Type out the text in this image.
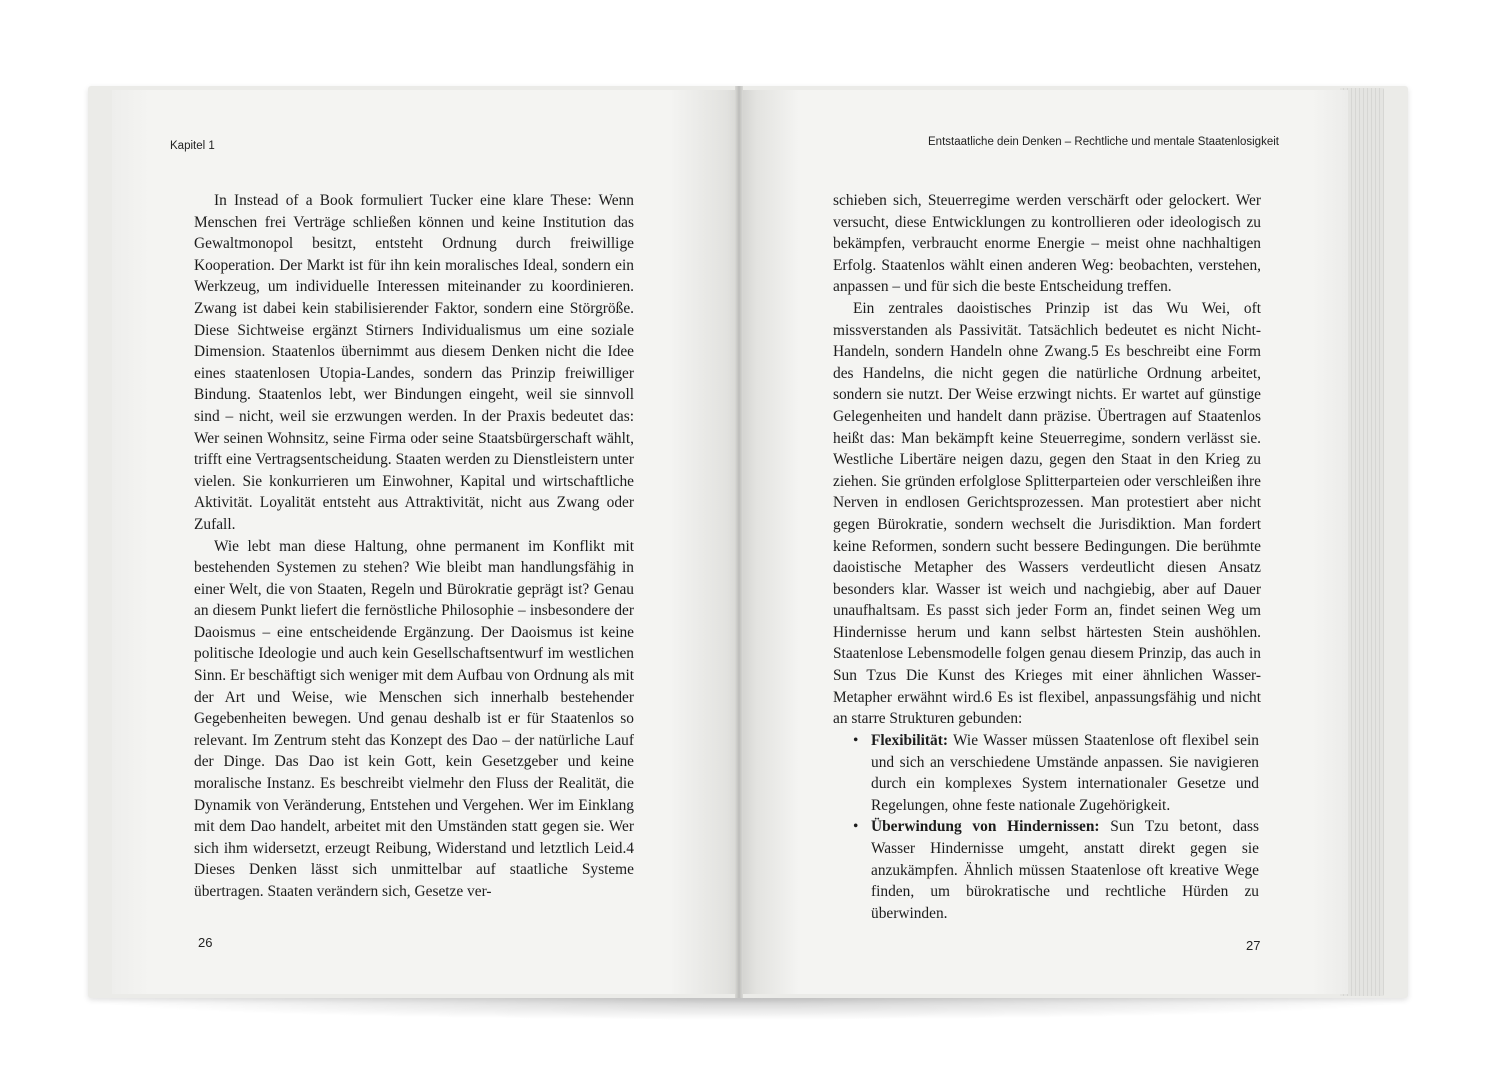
Kapitel 1

In Instead of a Book formuliert Tucker eine klare These: Wenn Menschen frei Verträge schließen können und keine Institution das Gewaltmonopol besitzt, entsteht Ordnung durch freiwillige Kooperation. Der Markt ist für ihn kein moralisches Ideal, sondern ein Werkzeug, um individuelle Interessen miteinander zu koordinieren. Zwang ist dabei kein stabilisierender Faktor, sondern eine Störgröße. Diese Sichtweise ergänzt Stirners Individualismus um eine soziale Dimension. Staatenlos übernimmt aus diesem Denken nicht die Idee eines staatenlosen Utopia-Landes, sondern das Prinzip freiwilliger Bindung. Staatenlos lebt, wer Bindungen eingeht, weil sie sinnvoll sind – nicht, weil sie erzwungen werden. In der Praxis bedeutet das: Wer seinen Wohnsitz, seine Firma oder seine Staatsbürgerschaft wählt, trifft eine Vertragsentscheidung. Staaten werden zu Dienstleistern unter vielen. Sie konkurrieren um Einwohner, Kapital und wirtschaftliche Aktivität. Loyalität entsteht aus Attraktivität, nicht aus Zwang oder Zufall.

Wie lebt man diese Haltung, ohne permanent im Konflikt mit bestehenden Systemen zu stehen? Wie bleibt man handlungsfähig in einer Welt, die von Staaten, Regeln und Bürokratie geprägt ist? Genau an diesem Punkt liefert die fernöstliche Philosophie – insbesondere der Daoismus – eine entscheidende Ergänzung. Der Daoismus ist keine politische Ideologie und auch kein Gesellschaftsentwurf im westlichen Sinn. Er beschäftigt sich weniger mit dem Aufbau von Ordnung als mit der Art und Weise, wie Menschen sich innerhalb bestehender Gegebenheiten bewegen. Und genau deshalb ist er für Staatenlos so relevant. Im Zentrum steht das Konzept des Dao – der natürliche Lauf der Dinge. Das Dao ist kein Gott, kein Gesetzgeber und keine moralische Instanz. Es beschreibt vielmehr den Fluss der Realität, die Dynamik von Veränderung, Entstehen und Vergehen. Wer im Einklang mit dem Dao handelt, arbeitet mit den Umständen statt gegen sie. Wer sich ihm widersetzt, erzeugt Reibung, Widerstand und letztlich Leid.4 Dieses Denken lässt sich unmittelbar auf staatliche Systeme übertragen. Staaten verändern sich, Gesetze ver-

26
Entstaatliche dein Denken – Rechtliche und mentale Staatenlosigkeit

schieben sich, Steuerregime werden verschärft oder gelockert. Wer versucht, diese Entwicklungen zu kontrollieren oder ideologisch zu bekämpfen, verbraucht enorme Energie – meist ohne nachhaltigen Erfolg. Staatenlos wählt einen anderen Weg: beobachten, verstehen, anpassen – und für sich die beste Entscheidung treffen.

Ein zentrales daoistisches Prinzip ist das Wu Wei, oft missverstanden als Passivität. Tatsächlich bedeutet es nicht Nicht-Handeln, sondern Handeln ohne Zwang.5 Es beschreibt eine Form des Handelns, die nicht gegen die natürliche Ordnung arbeitet, sondern sie nutzt. Der Weise erzwingt nichts. Er wartet auf günstige Gelegenheiten und handelt dann präzise. Übertragen auf Staatenlos heißt das: Man bekämpft keine Steuerregime, sondern verlässt sie. Westliche Libertäre neigen dazu, gegen den Staat in den Krieg zu ziehen. Sie gründen erfolglose Splitterparteien oder verschleißen ihre Nerven in endlosen Gerichtsprozessen. Man protestiert aber nicht gegen Bürokratie, sondern wechselt die Jurisdiktion. Man fordert keine Reformen, sondern sucht bessere Bedingungen. Die berühmte daoistische Metapher des Wassers verdeutlicht diesen Ansatz besonders klar. Wasser ist weich und nachgiebig, aber auf Dauer unaufhaltsam. Es passt sich jeder Form an, findet seinen Weg um Hindernisse herum und kann selbst härtesten Stein aushöhlen. Staatenlose Lebensmodelle folgen genau diesem Prinzip, das auch in Sun Tzus Die Kunst des Krieges mit einer ähnlichen Wasser-Metapher erwähnt wird.6 Es ist flexibel, anpassungsfähig und nicht an starre Strukturen gebunden:

• Flexibilität: Wie Wasser müssen Staatenlose oft flexibel sein und sich an verschiedene Umstände anpassen. Sie navigieren durch ein komplexes System internationaler Gesetze und Regelungen, ohne feste nationale Zugehörigkeit.
• Überwindung von Hindernissen: Sun Tzu betont, dass Wasser Hindernisse umgeht, anstatt direkt gegen sie anzukämpfen. Ähnlich müssen Staatenlose oft kreative Wege finden, um bürokratische und rechtliche Hürden zu überwinden.
27
